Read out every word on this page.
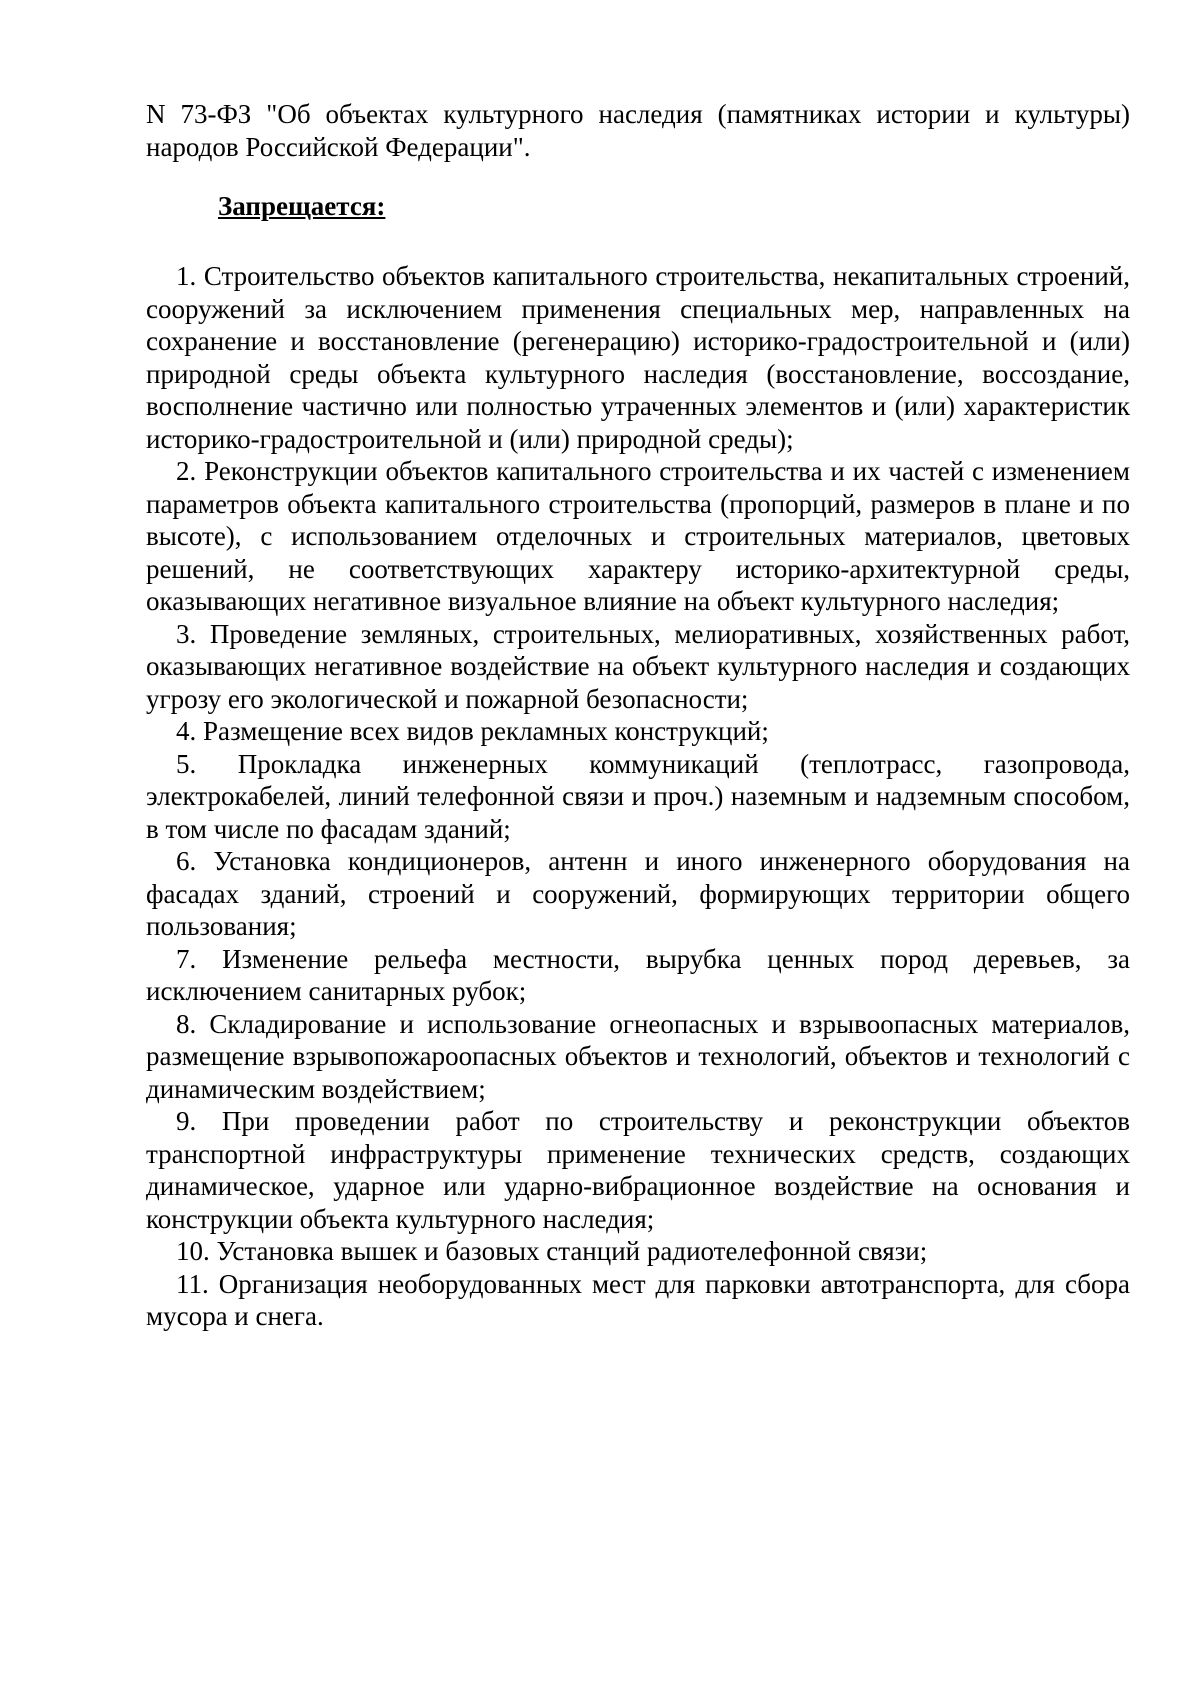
N 73-ФЗ "Об объектах культурного наследия (памятниках истории и культуры) народов Российской Федерации".

Запрещается:

1. Строительство объектов капитального строительства, некапитальных строений, сооружений за исключением применения специальных мер, направленных на сохранение и восстановление (регенерацию) историко-градостроительной и (или) природной среды объекта культурного наследия (восстановление, воссоздание, восполнение частично или полностью утраченных элементов и (или) характеристик историко-градостроительной и (или) природной среды);

2. Реконструкции объектов капитального строительства и их частей с изменением параметров объекта капитального строительства (пропорций, размеров в плане и по высоте), с использованием отделочных и строительных материалов, цветовых решений, не соответствующих характеру историко-архитектурной среды, оказывающих негативное визуальное влияние на объект культурного наследия;

3. Проведение земляных, строительных, мелиоративных, хозяйственных работ, оказывающих негативное воздействие на объект культурного наследия и создающих угрозу его экологической и пожарной безопасности;

4. Размещение всех видов рекламных конструкций;

5. Прокладка инженерных коммуникаций (теплотрасс, газопровода, электрокабелей, линий телефонной связи и проч.) наземным и надземным способом, в том числе по фасадам зданий;

6. Установка кондиционеров, антенн и иного инженерного оборудования на фасадах зданий, строений и сооружений, формирующих территории общего пользования;

7. Изменение рельефа местности, вырубка ценных пород деревьев, за исключением санитарных рубок;

8. Складирование и использование огнеопасных и взрывоопасных материалов, размещение взрывопожароопасных объектов и технологий, объектов и технологий с динамическим воздействием;

9. При проведении работ по строительству и реконструкции объектов транспортной инфраструктуры применение технических средств, создающих динамическое, ударное или ударно-вибрационное воздействие на основания и конструкции объекта культурного наследия;

10. Установка вышек и базовых станций радиотелефонной связи;

11. Организация необорудованных мест для парковки автотранспорта, для сбора мусора и снега.
